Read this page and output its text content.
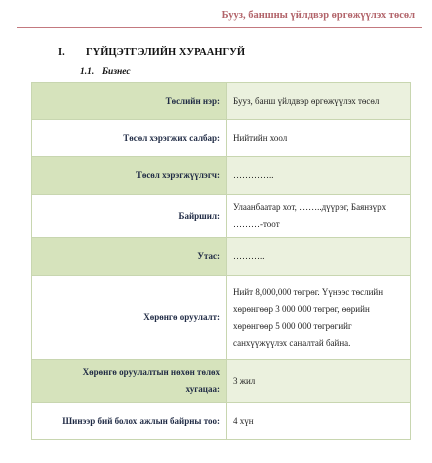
Бууз, баншны үйлдвэр өргөжүүлэх төсөл
I. ГҮЙЦЭТГЭЛИЙН ХУРААНГУЙ
1.1. Бизнес
Төслийн нэр:	Бууз, банш үйлдвэр өргөжүүлэх төсөл
Төсөл хэрэгжих салбар:	Нийтийн хоол
Төсөл хэрэгжүүлэгч:	…………..
Байршил:	Улаанбаатар хот, ……..дүүрэг, Баянзүрх
………-тоот
Утас:	………..
Хөрөнгө оруулалт:	Нийт 8,000,000 төгрөг. Үүнээс төслийн
хөрөнгөөр 3 000 000 төгрөг, өөрийн
хөрөнгөөр 5 000 000 төгрөгийг
санхүүжүүлэх саналтай байна.
Хөрөнгө оруулалтын нөхөн төлөх
хугацаа:	3 жил
Шинээр бий болох ажлын байрны тоо:	4 хүн
